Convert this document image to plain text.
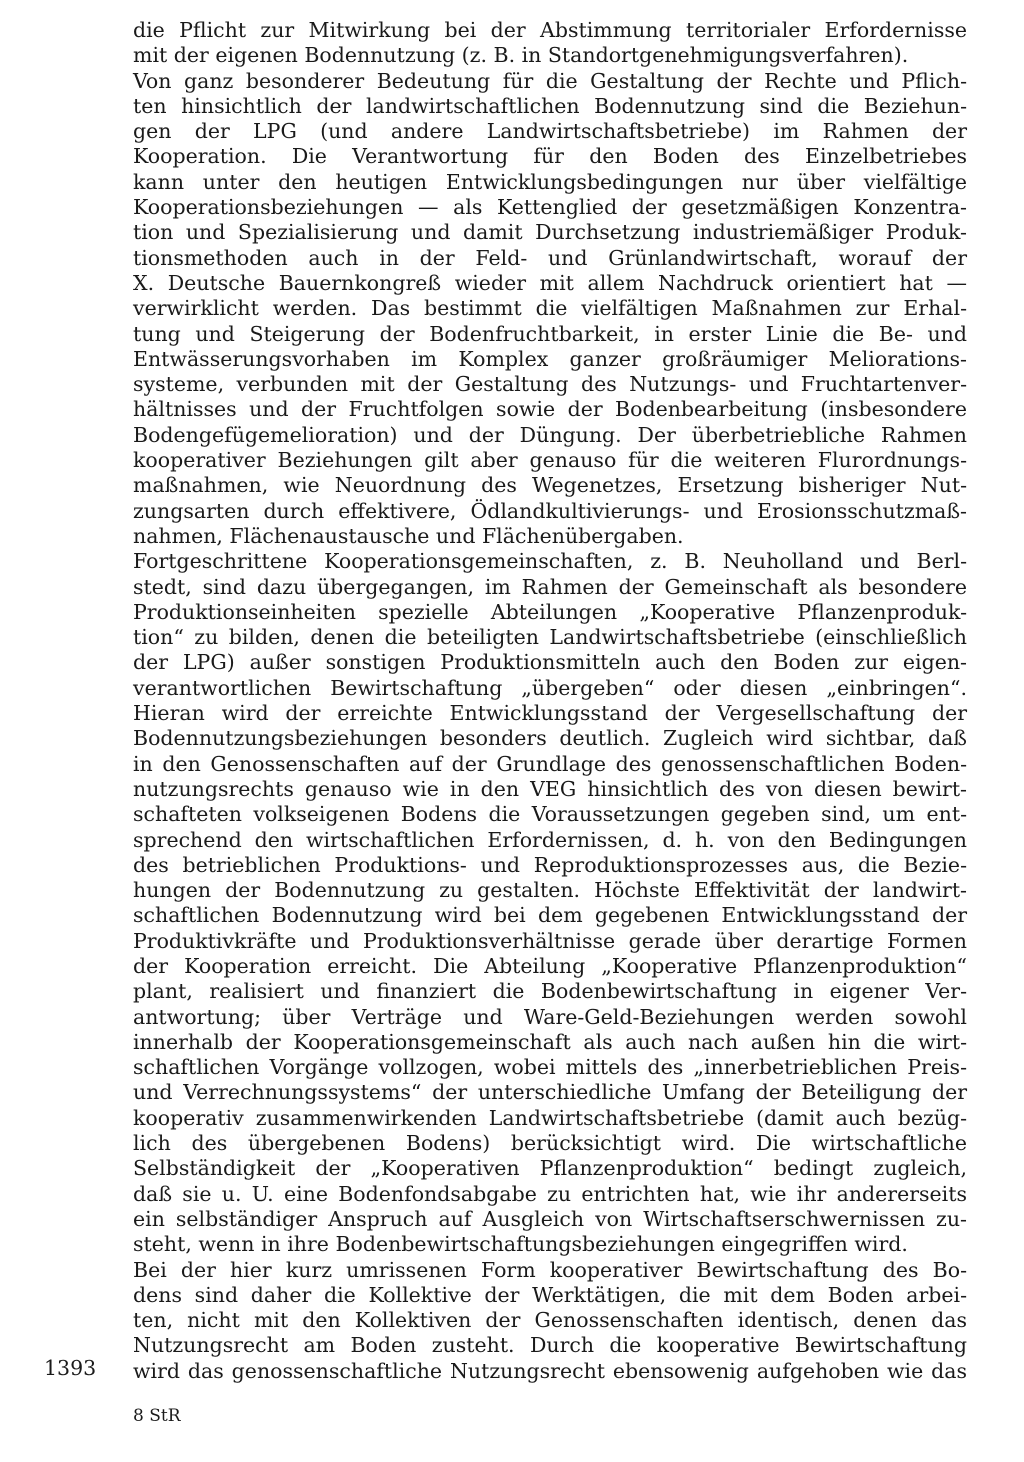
die Pflicht zur Mitwirkung bei der Abstimmung territorialer Erfordernisse
mit der eigenen Bodennutzung (z. B. in Standortgenehmigungsverfahren).
Von ganz besonderer Bedeutung für die Gestaltung der Rechte und Pflich-
ten hinsichtlich der landwirtschaftlichen Bodennutzung sind die Beziehun-
gen der LPG (und andere Landwirtschaftsbetriebe) im Rahmen der
Kooperation. Die Verantwortung für den Boden des Einzelbetriebes
kann unter den heutigen Entwicklungsbedingungen nur über vielfältige
Kooperationsbeziehungen — als Kettenglied der gesetzmäßigen Konzentra-
tion und Spezialisierung und damit Durchsetzung industriemäßiger Produk-
tionsmethoden auch in der Feld- und Grünlandwirtschaft, worauf der
X. Deutsche Bauernkongreß wieder mit allem Nachdruck orientiert hat —
verwirklicht werden. Das bestimmt die vielfältigen Maßnahmen zur Erhal-
tung und Steigerung der Bodenfruchtbarkeit, in erster Linie die Be- und
Entwässerungsvorhaben im Komplex ganzer großräumiger Meliorations-
systeme, verbunden mit der Gestaltung des Nutzungs- und Fruchtartenver-
hältnisses und der Fruchtfolgen sowie der Bodenbearbeitung (insbesondere
Bodengefügemelioration) und der Düngung. Der überbetriebliche Rahmen
kooperativer Beziehungen gilt aber genauso für die weiteren Flurordnungs-
maßnahmen, wie Neuordnung des Wegenetzes, Ersetzung bisheriger Nut-
zungsarten durch effektivere, Ödlandkultivierungs- und Erosionsschutzmaß-
nahmen, Flächenaustausche und Flächenübergaben.
Fortgeschrittene Kooperationsgemeinschaften, z. B. Neuholland und Berl-
stedt, sind dazu übergegangen, im Rahmen der Gemeinschaft als besondere
Produktionseinheiten spezielle Abteilungen „Kooperative Pflanzenproduk-
tion“ zu bilden, denen die beteiligten Landwirtschaftsbetriebe (einschließlich
der LPG) außer sonstigen Produktionsmitteln auch den Boden zur eigen-
verantwortlichen Bewirtschaftung „übergeben“ oder diesen „einbringen“.
Hieran wird der erreichte Entwicklungsstand der Vergesellschaftung der
Bodennutzungsbeziehungen besonders deutlich. Zugleich wird sichtbar, daß
in den Genossenschaften auf der Grundlage des genossenschaftlichen Boden-
nutzungsrechts genauso wie in den VEG hinsichtlich des von diesen bewirt-
schafteten volkseigenen Bodens die Voraussetzungen gegeben sind, um ent-
sprechend den wirtschaftlichen Erfordernissen, d. h. von den Bedingungen
des betrieblichen Produktions- und Reproduktionsprozesses aus, die Bezie-
hungen der Bodennutzung zu gestalten. Höchste Effektivität der landwirt-
schaftlichen Bodennutzung wird bei dem gegebenen Entwicklungsstand der
Produktivkräfte und Produktionsverhältnisse gerade über derartige Formen
der Kooperation erreicht. Die Abteilung „Kooperative Pflanzenproduktion“
plant, realisiert und finanziert die Bodenbewirtschaftung in eigener Ver-
antwortung; über Verträge und Ware-Geld-Beziehungen werden sowohl
innerhalb der Kooperationsgemeinschaft als auch nach außen hin die wirt-
schaftlichen Vorgänge vollzogen, wobei mittels des „innerbetrieblichen Preis-
und Verrechnungssystems“ der unterschiedliche Umfang der Beteiligung der
kooperativ zusammenwirkenden Landwirtschaftsbetriebe (damit auch bezüg-
lich des übergebenen Bodens) berücksichtigt wird. Die wirtschaftliche
Selbständigkeit der „Kooperativen Pflanzenproduktion“ bedingt zugleich,
daß sie u. U. eine Bodenfondsabgabe zu entrichten hat, wie ihr andererseits
ein selbständiger Anspruch auf Ausgleich von Wirtschaftserschwernissen zu-
steht, wenn in ihre Bodenbewirtschaftungsbeziehungen eingegriffen wird.
Bei der hier kurz umrissenen Form kooperativer Bewirtschaftung des Bo-
dens sind daher die Kollektive der Werktätigen, die mit dem Boden arbei-
ten, nicht mit den Kollektiven der Genossenschaften identisch, denen das
Nutzungsrecht am Boden zusteht. Durch die kooperative Bewirtschaftung
wird das genossenschaftliche Nutzungsrecht ebensowenig aufgehoben wie das
1393
8 StR
